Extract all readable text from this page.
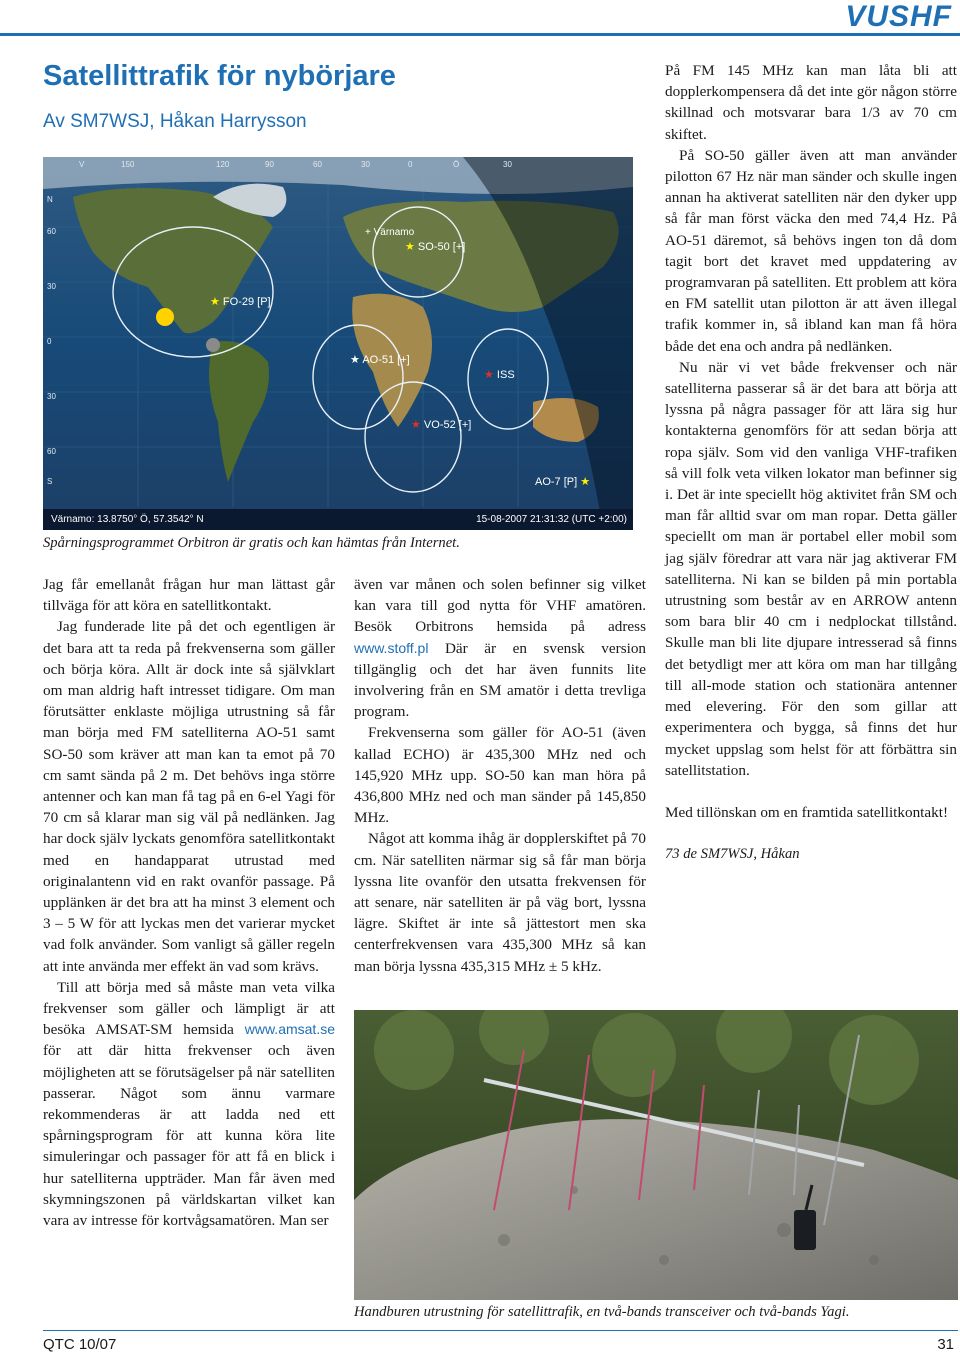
VUSHF
Satellittrafik för nybörjare
Av SM7WSJ, Håkan Harrysson
V	150	120	90	60	30	0	Ö	30
N
60
30
0
30
60
S
+ Värnamo
★ SO-50 [+]
★ FO-29 [P]
★ AO-51 [+]
★ ISS
★ VO-52 [+]
AO-7 [P] ★
Värnamo: 13.8750° Ö, 57.3542° N	15-08-2007 21:31:32 (UTC +2:00)
Spårningsprogrammet Orbitron är gratis och kan hämtas från Internet.

Jag får emellanåt frågan hur man lättast går tillväga för att köra en satellitkontakt.

Jag funderade lite på det och egentligen är det bara att ta reda på frekvenserna som gäller och börja köra. Allt är dock inte så självklart om man aldrig haft intresset tidigare. Om man förutsätter enklaste möjliga utrustning så får man börja med FM satelliterna AO-51 samt SO-50 som kräver att man kan ta emot på 70 cm samt sända på 2 m. Det behövs inga större antenner och kan man få tag på en 6-el Yagi för 70 cm så klarar man sig väl på nedlänken. Jag har dock själv lyckats genomföra satellitkontakt med en handapparat utrustad med originalantenn vid en rakt ovanför passage. På upplänken är det bra att ha minst 3 element och 3 – 5 W för att lyckas men det varierar mycket vad folk använder. Som vanligt så gäller regeln att inte använda mer effekt än vad som krävs.

Till att börja med så måste man veta vilka frekvenser som gäller och lämpligt är att besöka AMSAT-SM hemsida www.amsat.se för att där hitta frekvenser och även möjligheten att se förutsägelser på när satelliten passerar. Något som ännu varmare rekommenderas är att ladda ned ett spårningsprogram för att kunna köra lite simuleringar och passager för att få en blick i hur satelliterna uppträder. Man får även med skymningszonen på världskartan vilket kan vara av intresse för kortvågsamatören. Man ser

även var månen och solen befinner sig vilket kan vara till god nytta för VHF amatören. Besök Orbitrons hemsida på adress www.stoff.pl Där är en svensk version tillgänglig och det har även funnits lite involvering från en SM amatör i detta trevliga program.

Frekvenserna som gäller för AO-51 (även kallad ECHO) är 435,300 MHz ned och 145,920 MHz upp. SO-50 kan man höra på 436,800 MHz ned och man sänder på 145,850 MHz.

Något att komma ihåg är dopplerskiftet på 70 cm. När satelliten närmar sig så får man börja lyssna lite ovanför den utsatta frekvensen för att senare, när satelliten är på väg bort, lyssna lägre. Skiftet är inte så jättestort men ska centerfrekvensen vara 435,300 MHz så kan man börja lyssna 435,315 MHz ± 5 kHz.

På FM 145 MHz kan man låta bli att dopplerkompensera då det inte gör någon större skillnad och motsvarar bara 1/3 av 70 cm skiftet.

På SO-50 gäller även att man använder pilotton 67 Hz när man sänder och skulle ingen annan ha aktiverat satelliten när den dyker upp så får man först väcka den med 74,4 Hz. På AO-51 däremot, så behövs ingen ton då dom tagit bort det kravet med uppdatering av programvaran på satelliten. Ett problem att köra en FM satellit utan pilotton är att även illegal trafik kommer in, så ibland kan man få höra både det ena och andra på nedlänken.

Nu när vi vet både frekvenser och när satelliterna passerar så är det bara att börja att lyssna på några passager för att lära sig hur kontakterna genomförs för att sedan börja att ropa själv. Som vid den vanliga VHF-trafiken så vill folk veta vilken lokator man befinner sig i. Det är inte speciellt hög aktivitet från SM och man får alltid svar om man ropar. Detta gäller speciellt om man är portabel eller mobil som jag själv föredrar att vara när jag aktiverar FM satelliterna. Ni kan se bilden på min portabla utrustning som består av en ARROW antenn som bara blir 40 cm i nedplockat tillstånd. Skulle man bli lite djupare intresserad så finns det betydligt mer att köra om man har tillgång till all-mode station och stationära antenner med elevering. För den som gillar att experimentera och bygga, så finns det hur mycket uppslag som helst för att förbättra sin satellitstation.

Med tillönskan om en framtida satellitkontakt!

73 de SM7WSJ, Håkan

Handburen utrustning för satellittrafik, en två-bands transceiver och två-bands Yagi.
QTC 10/07	31
